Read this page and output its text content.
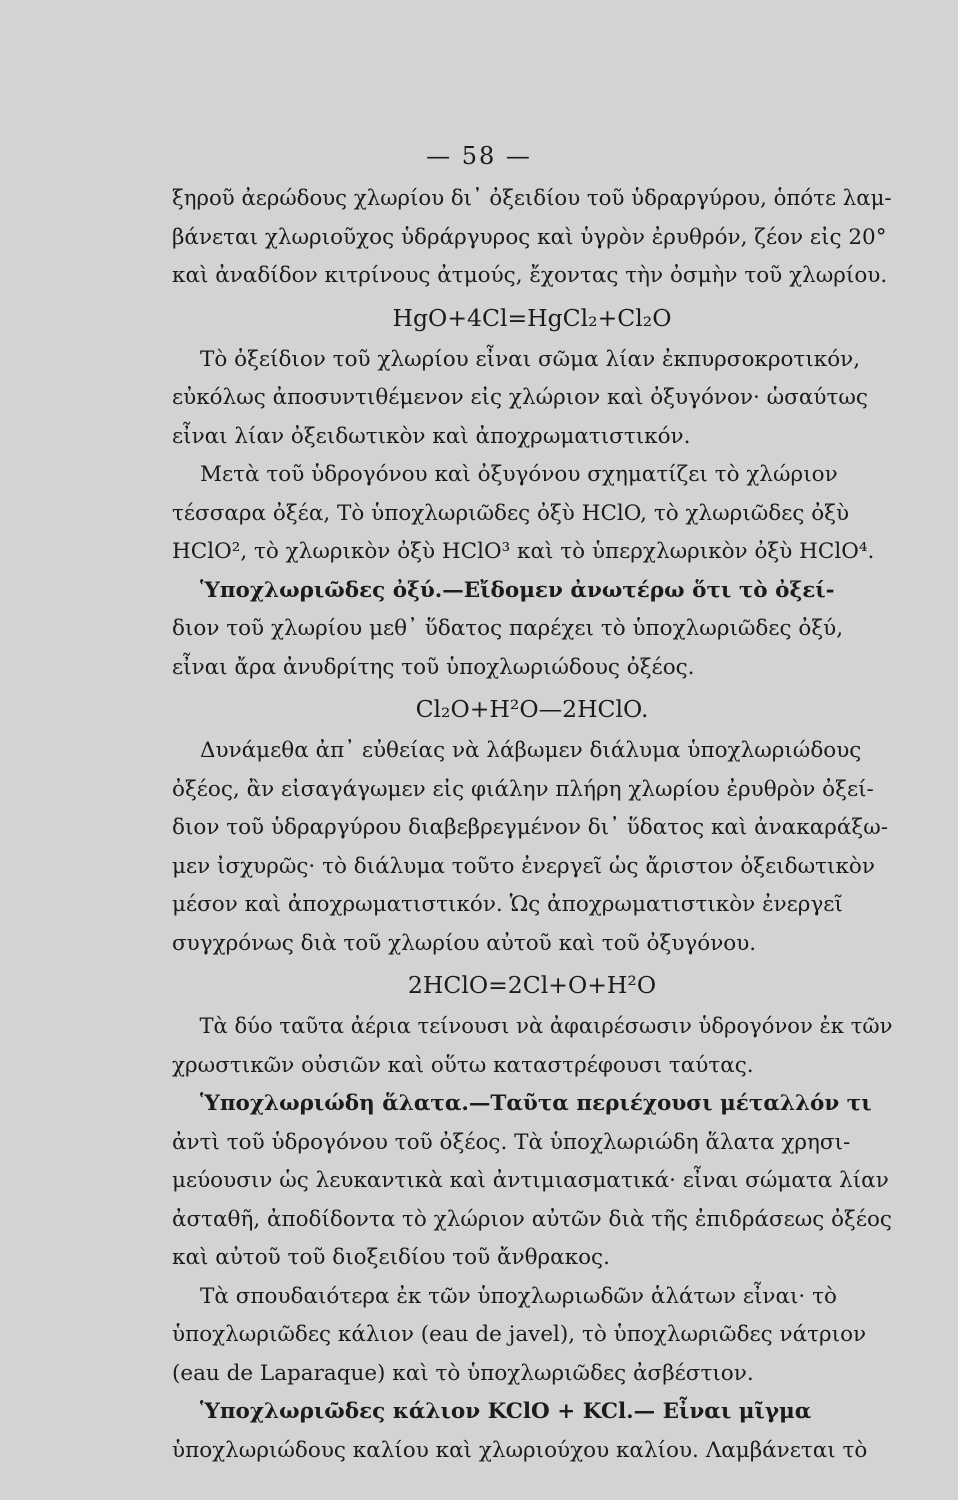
— 58 —
ξηροῦ ἀερώδους χλωρίου δι᾽ ὀξειδίου τοῦ ὑδραργύρου, ὁπότε λαμ-
βάνεται χλωριοῦχος ὑδράργυρος καὶ ὑγρὸν ἐρυθρόν, ζέον εἰς 20°
καὶ ἀναδίδον κιτρίνους ἀτμούς, ἔχοντας τὴν ὀσμὴν τοῦ χλωρίου.
HgO+4Cl=HgCl₂+Cl₂O
Τὸ ὀξείδιον τοῦ χλωρίου εἶναι σῶμα λίαν ἐκπυρσοκροτικόν,
εὐκόλως ἀποσυντιθέμενον εἰς χλώριον καὶ ὀξυγόνον· ὡσαύτως
εἶναι λίαν ὀξειδωτικὸν καὶ ἀποχρωματιστικόν.
Μετὰ τοῦ ὑδρογόνου καὶ ὀξυγόνου σχηματίζει τὸ χλώριον
τέσσαρα ὀξέα, Τὸ ὑποχλωριῶδες ὀξὺ HClO, τὸ χλωριῶδες ὀξὺ
HClO², τὸ χλωρικὸν ὀξὺ HClO³ καὶ τὸ ὑπερχλωρικὸν ὀξὺ HClO⁴.
Ὑποχλωριῶδες ὀξύ.—Εἴδομεν ἀνωτέρω ὅτι τὸ ὀξεί-
διον τοῦ χλωρίου μεθ᾽ ὕδατος παρέχει τὸ ὑποχλωριῶδες ὀξύ,
εἶναι ἄρα ἀνυδρίτης τοῦ ὑποχλωριώδους ὀξέος.
Cl₂O+H²O—2HClO.
Δυνάμεθα ἀπ᾽ εὐθείας νὰ λάβωμεν διάλυμα ὑποχλωριώδους
ὀξέος, ἂν εἰσαγάγωμεν εἰς φιάλην πλήρη χλωρίου ἐρυθρὸν ὀξεί-
διον τοῦ ὑδραργύρου διαβεβρεγμένον δι᾽ ὕδατος καὶ ἀνακαράξω-
μεν ἰσχυρῶς· τὸ διάλυμα τοῦτο ἐνεργεῖ ὡς ἄριστον ὀξειδωτικὸν
μέσον καὶ ἀποχρωματιστικόν. Ὡς ἀποχρωματιστικὸν ἐνεργεῖ
συγχρόνως διὰ τοῦ χλωρίου αὐτοῦ καὶ τοῦ ὀξυγόνου.
2HClO=2Cl+O+H²O
Τὰ δύο ταῦτα ἀέρια τείνουσι νὰ ἀφαιρέσωσιν ὑδρογόνον ἐκ τῶν
χρωστικῶν οὐσιῶν καὶ οὕτω καταστρέφουσι ταύτας.
Ὑποχλωριώδη ἅλατα.—Ταῦτα περιέχουσι μέταλλόν τι
ἀντὶ τοῦ ὑδρογόνου τοῦ ὀξέος. Τὰ ὑποχλωριώδη ἅλατα χρησι-
μεύουσιν ὡς λευκαντικὰ καὶ ἀντιμιασματικά· εἶναι σώματα λίαν
ἀσταθῆ, ἀποδίδοντα τὸ χλώριον αὐτῶν διὰ τῆς ἐπιδράσεως ὀξέος
καὶ αὐτοῦ τοῦ διοξειδίου τοῦ ἄνθρακος.
Τὰ σπουδαιότερα ἐκ τῶν ὑποχλωριωδῶν ἁλάτων εἶναι· τὸ
ὑποχλωριῶδες κάλιον (eau de javel), τὸ ὑποχλωριῶδες νάτριον
(eau de Laparaque) καὶ τὸ ὑποχλωριῶδες ἀσβέστιον.
Ὑποχλωριῶδες κάλιον KClO + KCl.— Εἶναι μῖγμα
ὑποχλωριώδους καλίου καὶ χλωριούχου καλίου. Λαμβάνεται τὸ
